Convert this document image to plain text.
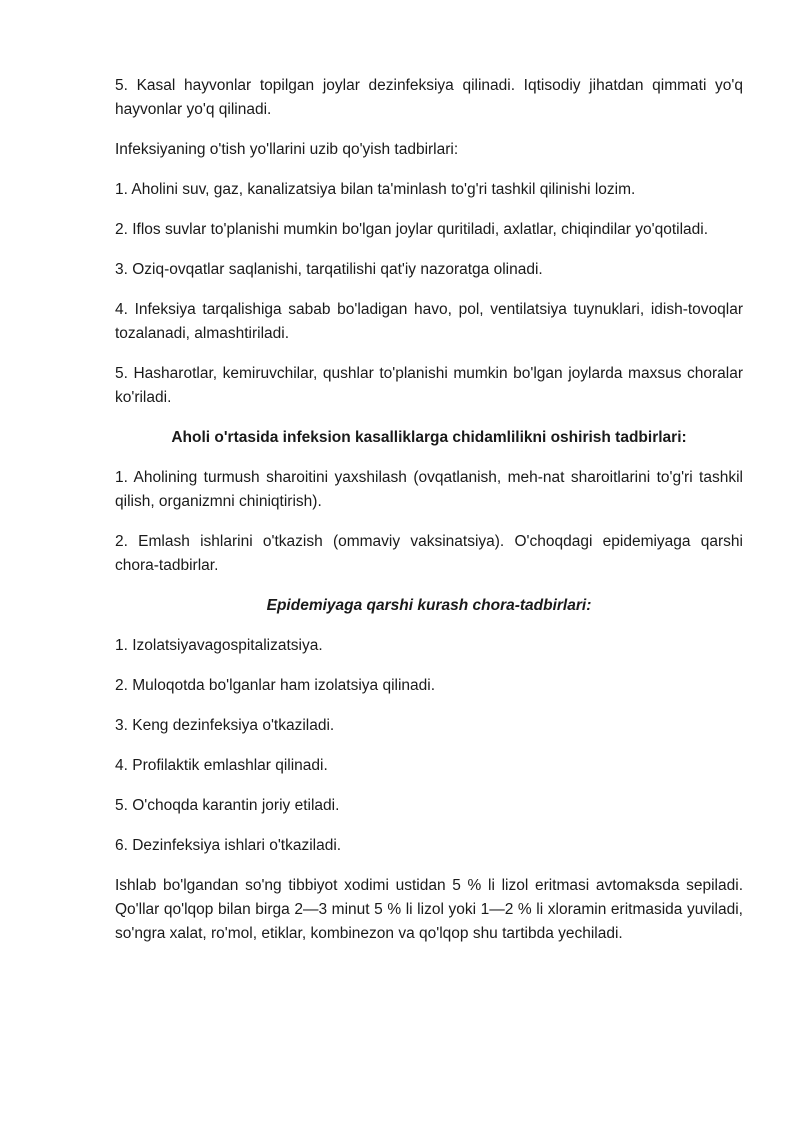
5. Kasal hayvonlar topilgan joylar dezinfeksiya qilinadi. Iqtisodiy jihatdan qimmati yo'q hayvonlar yo'q qilinadi.

Infeksiyaning o'tish yo'llarini uzib qo'yish tadbirlari:

1. Aholini suv, gaz, kanalizatsiya bilan ta'minlash to'g'ri tashkil qilinishi lozim.

2. Iflos suvlar to'planishi mumkin bo'lgan joylar quritiladi, axlatlar, chiqindilar yo'qotiladi.

3. Oziq-ovqatlar saqlanishi, tarqatilishi qat'iy nazoratga olinadi.

4. Infeksiya tarqalishiga sabab bo'ladigan havo, pol, ventilatsiya tuynuklari, idish-tovoqlar tozalanadi, almashtiriladi.

5. Hasharotlar, kemiruvchilar, qushlar to'planishi mumkin bo'lgan joylarda maxsus choralar ko'riladi.

Aholi o'rtasida infeksion kasalliklarga chidamlilikni oshirish tadbirlari:

1. Aholining turmush sharoitini yaxshilash (ovqatlanish, meh-nat sharoitlarini to'g'ri tashkil qilish, organizmni chiniqtirish).

2. Emlash ishlarini o'tkazish (ommaviy vaksinatsiya). O'choqdagi epidemiyaga qarshi chora-tadbirlar.

Epidemiyaga qarshi kurash chora-tadbirlari:

1. Izolatsiyavagospitalizatsiya.

2. Muloqotda bo'lganlar ham izolatsiya qilinadi.

3. Keng dezinfeksiya o'tkaziladi.

4. Profilaktik emlashlar qilinadi.

5. O'choqda karantin joriy etiladi.

6. Dezinfeksiya ishlari o'tkaziladi.

Ishlab bo'lgandan so'ng tibbiyot xodimi ustidan 5 % li lizol eritmasi avtomaksda sepiladi. Qo'llar qo'lqop bilan birga 2—3 minut 5 % li lizol yoki 1—2 % li xloramin eritmasida yuviladi, so'ngra xalat, ro'mol, etiklar, kombinezon va qo'lqop shu tartibda yechiladi.
